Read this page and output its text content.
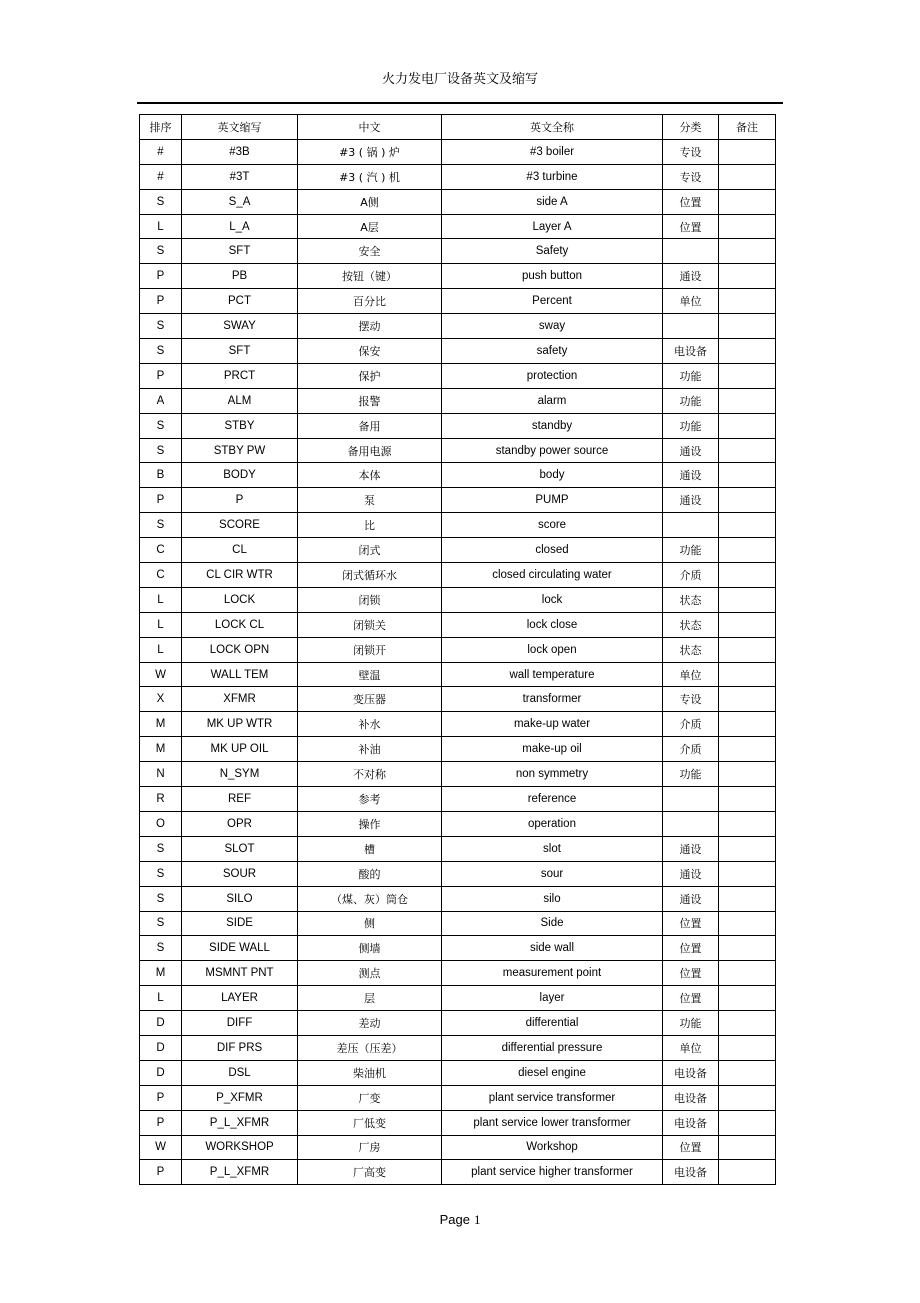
火力发电厂设备英文及缩写
排序	英文缩写	中文	英文全称	分类	备注
#	#3B	#3 ( 锅 ) 炉	#3 boiler	专设	
#	#3T	#3 ( 汽 ) 机	#3 turbine	专设	
S	S_A	A侧	side A	位置	
L	L_A	A层	Layer A	位置	
S	SFT	安全	Safety		
P	PB	按钮（键）	push button	通设	
P	PCT	百分比	Percent	单位	
S	SWAY	摆动	sway		
S	SFT	保安	safety	电设备	
P	PRCT	保护	protection	功能	
A	ALM	报警	alarm	功能	
S	STBY	备用	standby	功能	
S	STBY PW	备用电源	standby power source	通设	
B	BODY	本体	body	通设	
P	P	泵	PUMP	通设	
S	SCORE	比	score		
C	CL	闭式	closed	功能	
C	CL CIR WTR	闭式循环水	closed circulating water	介质	
L	LOCK	闭锁	lock	状态	
L	LOCK CL	闭锁关	lock close	状态	
L	LOCK OPN	闭锁开	lock open	状态	
W	WALL TEM	壁温	wall temperature	单位	
X	XFMR	变压器	transformer	专设	
M	MK UP WTR	补水	make-up water	介质	
M	MK UP OIL	补油	make-up oil	介质	
N	N_SYM	不对称	non symmetry	功能	
R	REF	参考	reference		
O	OPR	操作	operation		
S	SLOT	槽	slot	通设	
S	SOUR	酸的	sour	通设	
S	SILO	（煤、灰）筒仓	silo	通设	
S	SIDE	侧	Side	位置	
S	SIDE WALL	侧墙	side wall	位置	
M	MSMNT PNT	测点	measurement point	位置	
L	LAYER	层	layer	位置	
D	DIFF	差动	differential	功能	
D	DIF PRS	差压（压差）	differential pressure	单位	
D	DSL	柴油机	diesel engine	电设备	
P	P_XFMR	厂变	plant service transformer	电设备	
P	P_L_XFMR	厂低变	plant service lower transformer	电设备	
W	WORKSHOP	厂房	Workshop	位置	
P	P_L_XFMR	厂高变	plant service higher transformer	电设备	
Page 1
